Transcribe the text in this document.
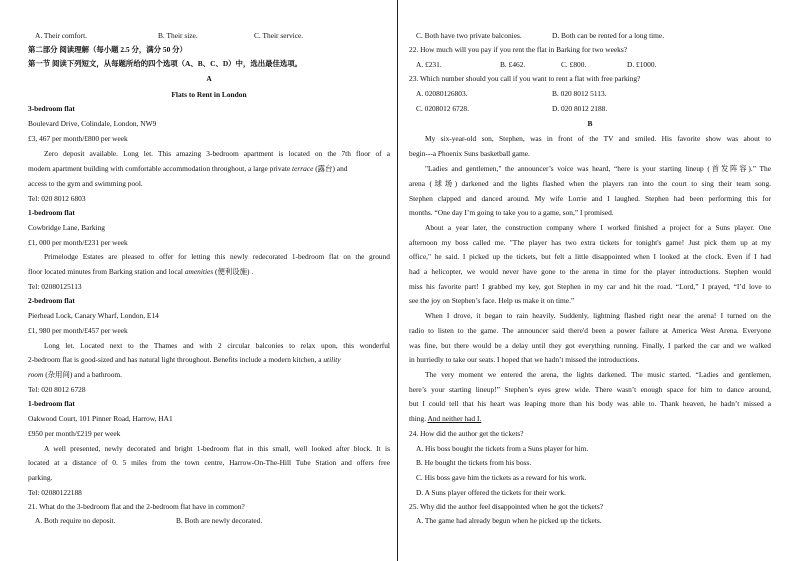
A. Their comfort.	B. Their size.	C. Their service.
第二部分 阅读理解（每小题 2.5 分，满分 50 分）
第一节 阅读下列短文，从每题所给的四个选项（A、B、C、D）中，选出最佳选项。
A
Flats to Rent in London
3-bedroom flat
Boulevard Drive, Colindale, London, NW9
£3, 467 per month/£800 per week
Zero deposit available. Long let. This amazing 3-bedroom apartment is located on the 7th floor of a
modern apartment building with comfortable accommodation throughout, a large private terrace (露台) and
access to the gym and swimming pool.
Tel: 020 8012 6803
1-bedroom flat
Cowbridge Lane, Barking
£1, 000 per month/£231 per week
Primelodge Estates are pleased to offer for letting this newly redecorated 1-bedroom flat on the ground
floor located minutes from Barking station and local amenities (便利设施) .
Tel: 02080125113
2-bedroom flat
Pierhead Lock, Canary Wharf, London, E14
£1, 980 per month/£457 per week
Long let. Located next to the Thames and with 2 circular balconies to relax upon, this wonderful
2-bedroom flat is good-sized and has natural light throughout. Benefits include a modern kitchen, a utility
room (杂用间) and a bathroom.
Tel: 020 8012 6728
1-bedroom flat
Oakwood Court, 101 Pinner Road, Harrow, HA1
£950 per month/£219 per week
A well presented, newly decorated and bright 1-bedroom flat in this small, well looked after block. It is
located at a distance of 0. 5 miles from the town centre, Harrow-On-The-Hill Tube Station and offers free
parking.
Tel: 02080122188
21. What do the 3-bedroom flat and the 2-bedroom flat have in common?
A. Both require no deposit.	B. Both are newly decorated.
C. Both have two private balconies.	D. Both can be rented for a long time.
22. How much will you pay if you rent the flat in Barking for two weeks?
A. £231.	B. £462.	C. £800.	D. £1000.
23. Which number should you call if you want to rent a flat with free parking?
A. 02080126803.	B. 020 8012 5113.
C. 0208012 6728.	D. 020 8012 2188.
B
My six-year-old son, Stephen, was in front of the TV and smiled. His favorite show was about to
begin---a Phoenix Suns basketball game.
"Ladies and gentlemen," the announcer’s voice was heard, “here is your starting lineup (首发阵容).” The
arena (球场) darkened and the lights flashed when the players ran into the court to sing their team song.
Stephen clapped and danced around. My wife Lorrie and I laughed. Stephen had been performing this for
months. “One day I’m going to take you to a game, son,” I promised.
About a year later, the construction company where I worked finished a project for a Suns player. One
afternoon my boss called me. "The player has two extra tickets for tonight's game! Just pick them up at my
office," he said. I picked up the tickets, but felt a little disappointed when I looked at the clock. Even if I had
had a helicopter, we would never have gone to the arena in time for the player introductions. Stephen would
miss his favorite part! I grabbed my key, got Stephen in my car and hit the road. “Lord,” I prayed, “I’d love to
see the joy on Stephen’s face. Help us make it on time.”
When I drove, it began to rain heavily. Suddenly, lightning flashed right near the arena! I turned on the
radio to listen to the game. The announcer said there'd been a power failure at America West Arena. Everyone
was fine, but there would be a delay until they got everything running. Finally, I parked the car and we walked
in hurriedly to take our seats. I hoped that we hadn’t missed the introductions.
The very moment we entered the arena, the lights darkened. The music started. “Ladies and gentlemen,
here’s your starting lineup!” Stephen’s eyes grew wide. There wasn’t enough space for him to dance around,
but I could tell that his heart was leaping more than his body was able to. Thank heaven, he hadn’t missed a
thing. And neither had I.
24. How did the author get the tickets?
A. His boss bought the tickets from a Suns player for him.
B. He bought the tickets from his boss.
C. His boss gave him the tickets as a reward for his work.
D. A Suns player offered the tickets for their work.
25. Why did the author feel disappointed when he got the tickets?
A. The game had already begun when he picked up the tickets.
